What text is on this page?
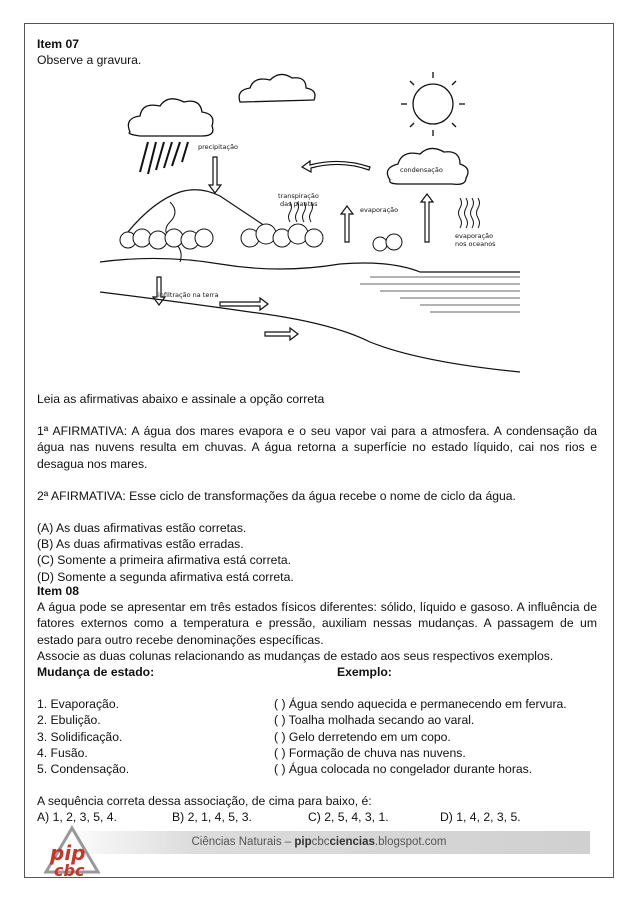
Item 07

Observe a gravura.

precipitação
condensação
transpiração
das plantas
evaporação
evaporação
nos oceanos
infiltração na terra

Leia as afirmativas abaixo e assinale a opção correta

1ª AFIRMATIVA: A água dos mares evapora e o seu vapor vai para a atmosfera. A condensação da água nas nuvens resulta em chuvas. A água retorna a superfície no estado líquido, cai nos rios e desagua nos mares.

2ª AFIRMATIVA: Esse ciclo de transformações da água recebe o nome de ciclo da água.

(A) As duas afirmativas estão corretas.

(B) As duas afirmativas estão erradas.

(C) Somente a primeira afirmativa está correta.

(D) Somente a segunda afirmativa está correta.

Item 08

A água pode se apresentar em três estados físicos diferentes: sólido, líquido e gasoso. A influência de fatores externos como a temperatura e pressão, auxiliam nessas mudanças. A passagem de um estado para outro recebe denominações específicas.

Associe as duas colunas relacionando as mudanças de estado aos seus respectivos exemplos.

Mudança de estado:	Exemplo:
1. Evaporação.	( ) Água sendo aquecida e permanecendo em fervura.
2. Ebulição.	( ) Toalha molhada secando ao varal.
3. Solidificação.	( ) Gelo derretendo em um copo.
4. Fusão.	( ) Formação de chuva nas nuvens.
5. Condensação.	( ) Água colocada no congelador durante horas.

A sequência correta dessa associação, de cima para baixo, é:

A) 1, 2, 3, 5, 4.	B) 2, 1, 4, 5, 3.	C) 2, 5, 4, 3, 1.	D) 1, 4, 2, 3, 5.
Ciências Naturais – pipcbcciencias.blogspot.com
pip
cbc
